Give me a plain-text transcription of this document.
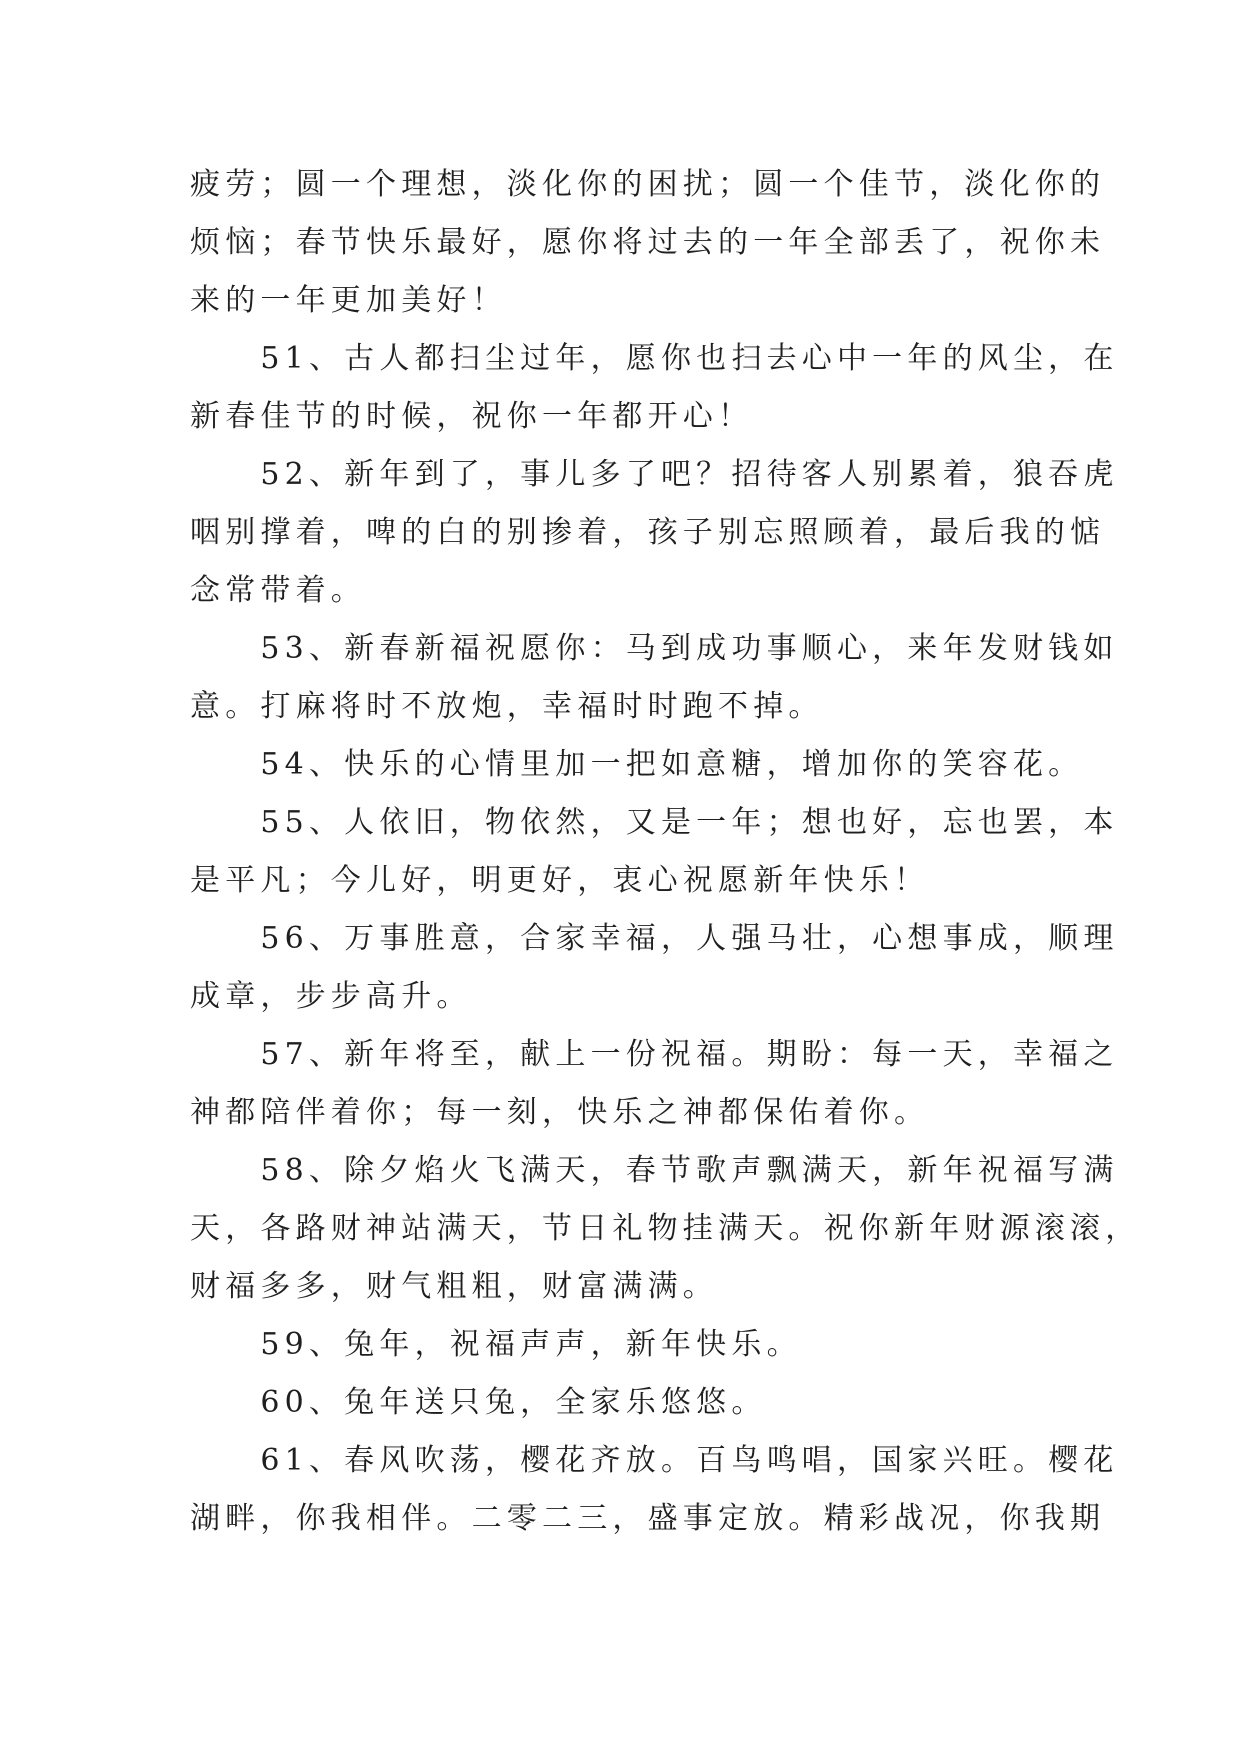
疲劳；圆一个理想，淡化你的困扰；圆一个佳节，淡化你的
烦恼；春节快乐最好，愿你将过去的一年全部丢了，祝你未
来的一年更加美好！
　　51、古人都扫尘过年，愿你也扫去心中一年的风尘，在
新春佳节的时候，祝你一年都开心！
　　52、新年到了，事儿多了吧？招待客人别累着，狼吞虎
咽别撑着，啤的白的别掺着，孩子别忘照顾着，最后我的惦
念常带着。
　　53、新春新福祝愿你：马到成功事顺心，来年发财钱如
意。打麻将时不放炮，幸福时时跑不掉。
　　54、快乐的心情里加一把如意糖，增加你的笑容花。
　　55、人依旧，物依然，又是一年；想也好，忘也罢，本
是平凡；今儿好，明更好，衷心祝愿新年快乐！
　　56、万事胜意，合家幸福，人强马壮，心想事成，顺理
成章，步步高升。
　　57、新年将至，献上一份祝福。期盼：每一天，幸福之
神都陪伴着你；每一刻，快乐之神都保佑着你。
　　58、除夕焰火飞满天，春节歌声飘满天，新年祝福写满
天，各路财神站满天，节日礼物挂满天。祝你新年财源滚滚，
财福多多，财气粗粗，财富满满。
　　59、兔年，祝福声声，新年快乐。
　　60、兔年送只兔，全家乐悠悠。
　　61、春风吹荡，樱花齐放。百鸟鸣唱，国家兴旺。樱花
湖畔，你我相伴。二零二三，盛事定放。精彩战况，你我期
